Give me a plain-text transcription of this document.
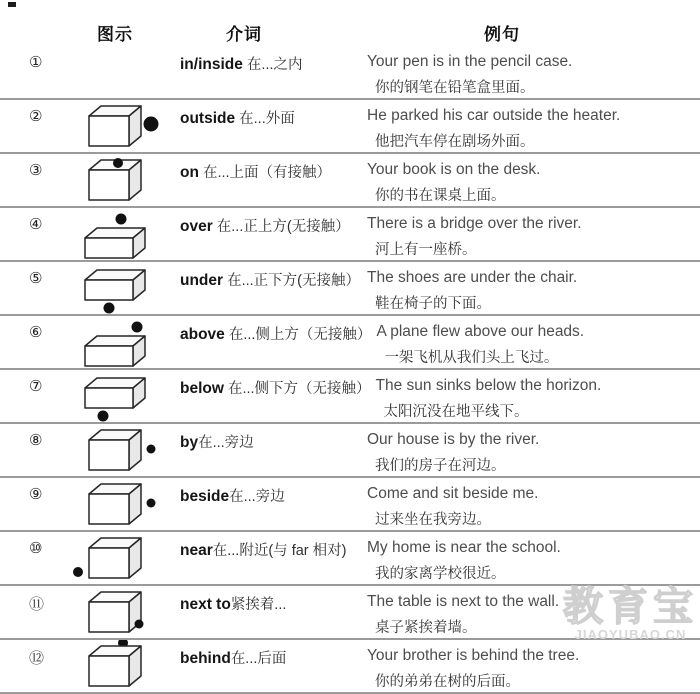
图示	介词	例句
①	in/inside 在...之内	Your pen is in the pencil case.
你的钢笔在铅笔盒里面。
②	outside 在...外面	He parked his car outside the heater.
他把汽车停在剧场外面。
③	on 在...上面（有接触）	Your book is on the desk.
你的书在课桌上面。
④	over 在...正上方(无接触）	There is a bridge over the river.
河上有一座桥。
⑤	under 在...正下方(无接触） The shoes are under the chair.
鞋在椅子的下面。
⑥	above 在...侧上方（无接触） A plane flew above our heads.
一架飞机从我们头上飞过。
⑦	below 在...侧下方（无接触） The sun sinks below the horizon.
太阳沉没在地平线下。
⑧	by在...旁边	Our house is by the river.
我们的房子在河边。
⑨	beside在...旁边	Come and sit beside me.
过来坐在我旁边。
⑩	near在...附近(与 far 相对)	My home is near the school.
我的家离学校很近。
⑪	next to紧挨着...	The table is next to the wall.
桌子紧挨着墙。
⑫	behind在...后面	Your brother is behind the tree.
你的弟弟在树的后面。
教育宝
JIAOYUBAO.CN
